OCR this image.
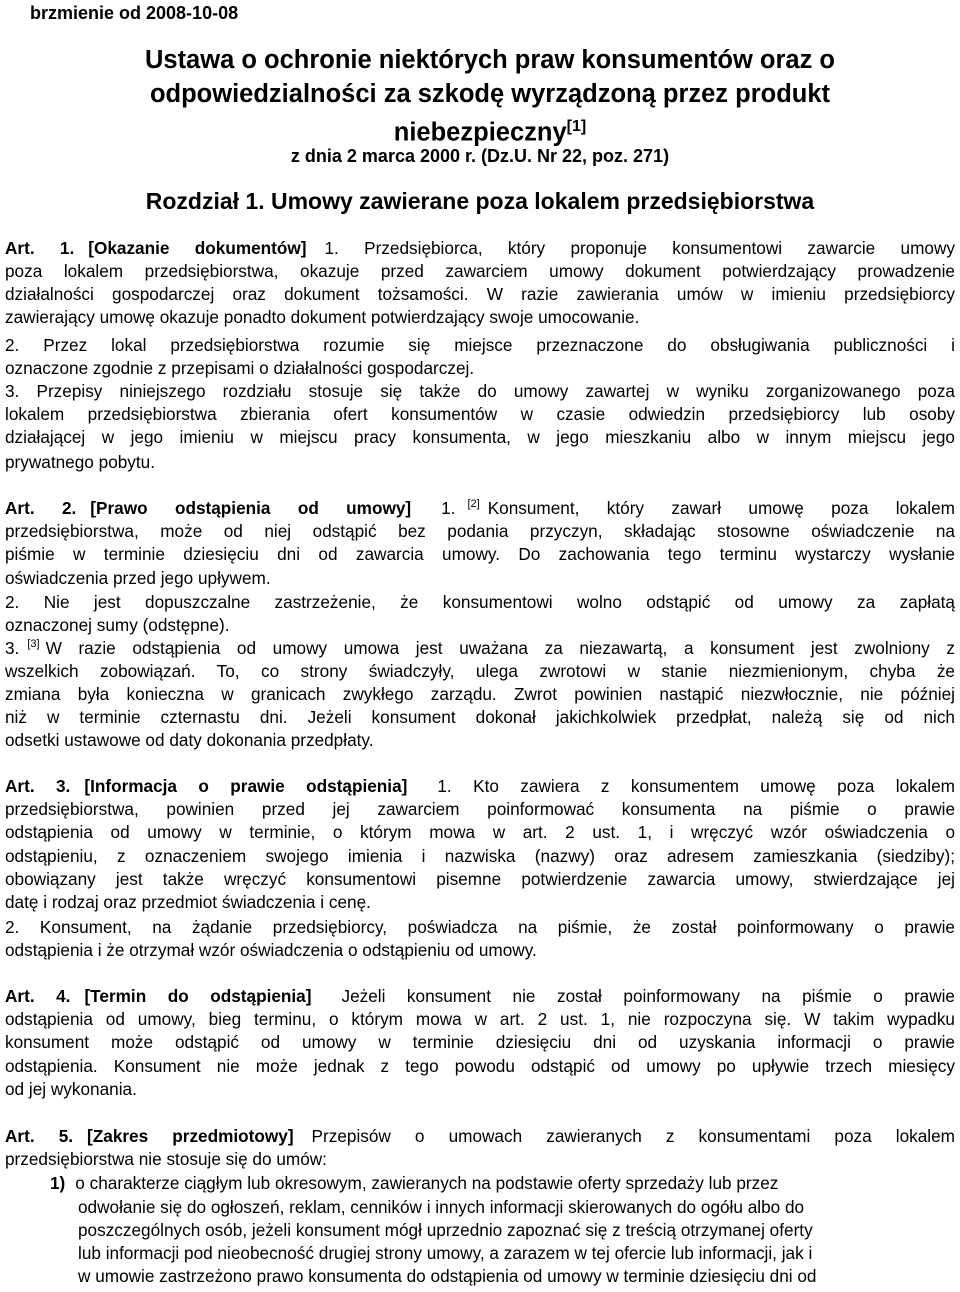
brzmienie od 2008-10-08
Ustawa o ochronie niektórych praw konsumentów oraz o
odpowiedzialności za szkodę wyrządzoną przez produkt
niebezpieczny[1]
z dnia 2 marca 2000 r. (Dz.U. Nr 22, poz. 271)
Rozdział 1. Umowy zawierane poza lokalem przedsiębiorstwa
Art. 1. [Okazanie dokumentów] 1. Przedsiębiorca, który proponuje konsumentowi zawarcie umowy
poza lokalem przedsiębiorstwa, okazuje przed zawarciem umowy dokument potwierdzający prowadzenie
działalności gospodarczej oraz dokument tożsamości. W razie zawierania umów w imieniu przedsiębiorcy
zawierający umowę okazuje ponadto dokument potwierdzający swoje umocowanie.
2. Przez lokal przedsiębiorstwa rozumie się miejsce przeznaczone do obsługiwania publiczności i
oznaczone zgodnie z przepisami o działalności gospodarczej.
3. Przepisy niniejszego rozdziału stosuje się także do umowy zawartej w wyniku zorganizowanego poza
lokalem przedsiębiorstwa zbierania ofert konsumentów w czasie odwiedzin przedsiębiorcy lub osoby
działającej w jego imieniu w miejscu pracy konsumenta, w jego mieszkaniu albo w innym miejscu jego
prywatnego pobytu.
Art. 2. [Prawo odstąpienia od umowy] 1. [2] Konsument, który zawarł umowę poza lokalem
przedsiębiorstwa, może od niej odstąpić bez podania przyczyn, składając stosowne oświadczenie na
piśmie w terminie dziesięciu dni od zawarcia umowy. Do zachowania tego terminu wystarczy wysłanie
oświadczenia przed jego upływem.
2. Nie jest dopuszczalne zastrzeżenie, że konsumentowi wolno odstąpić od umowy za zapłatą
oznaczonej sumy (odstępne).
3. [3] W razie odstąpienia od umowy umowa jest uważana za niezawartą, a konsument jest zwolniony z
wszelkich zobowiązań. To, co strony świadczyły, ulega zwrotowi w stanie niezmienionym, chyba że
zmiana była konieczna w granicach zwykłego zarządu. Zwrot powinien nastąpić niezwłocznie, nie później
niż w terminie czternastu dni. Jeżeli konsument dokonał jakichkolwiek przedpłat, należą się od nich
odsetki ustawowe od daty dokonania przedpłaty.
Art. 3. [Informacja o prawie odstąpienia] 1. Kto zawiera z konsumentem umowę poza lokalem
przedsiębiorstwa, powinien przed jej zawarciem poinformować konsumenta na piśmie o prawie
odstąpienia od umowy w terminie, o którym mowa w art. 2 ust. 1, i wręczyć wzór oświadczenia o
odstąpieniu, z oznaczeniem swojego imienia i nazwiska (nazwy) oraz adresem zamieszkania (siedziby);
obowiązany jest także wręczyć konsumentowi pisemne potwierdzenie zawarcia umowy, stwierdzające jej
datę i rodzaj oraz przedmiot świadczenia i cenę.
2. Konsument, na żądanie przedsiębiorcy, poświadcza na piśmie, że został poinformowany o prawie
odstąpienia i że otrzymał wzór oświadczenia o odstąpieniu od umowy.
Art. 4. [Termin do odstąpienia] Jeżeli konsument nie został poinformowany na piśmie o prawie
odstąpienia od umowy, bieg terminu, o którym mowa w art. 2 ust. 1, nie rozpoczyna się. W takim wypadku
konsument może odstąpić od umowy w terminie dziesięciu dni od uzyskania informacji o prawie
odstąpienia. Konsument nie może jednak z tego powodu odstąpić od umowy po upływie trzech miesięcy
od jej wykonania.
Art. 5. [Zakres przedmiotowy] Przepisów o umowach zawieranych z konsumentami poza lokalem
przedsiębiorstwa nie stosuje się do umów:
1) o charakterze ciągłym lub okresowym, zawieranych na podstawie oferty sprzedaży lub przez
odwołanie się do ogłoszeń, reklam, cenników i innych informacji skierowanych do ogółu albo do
poszczególnych osób, jeżeli konsument mógł uprzednio zapoznać się z treścią otrzymanej oferty
lub informacji pod nieobecność drugiej strony umowy, a zarazem w tej ofercie lub informacji, jak i
w umowie zastrzeżono prawo konsumenta do odstąpienia od umowy w terminie dziesięciu dni od
